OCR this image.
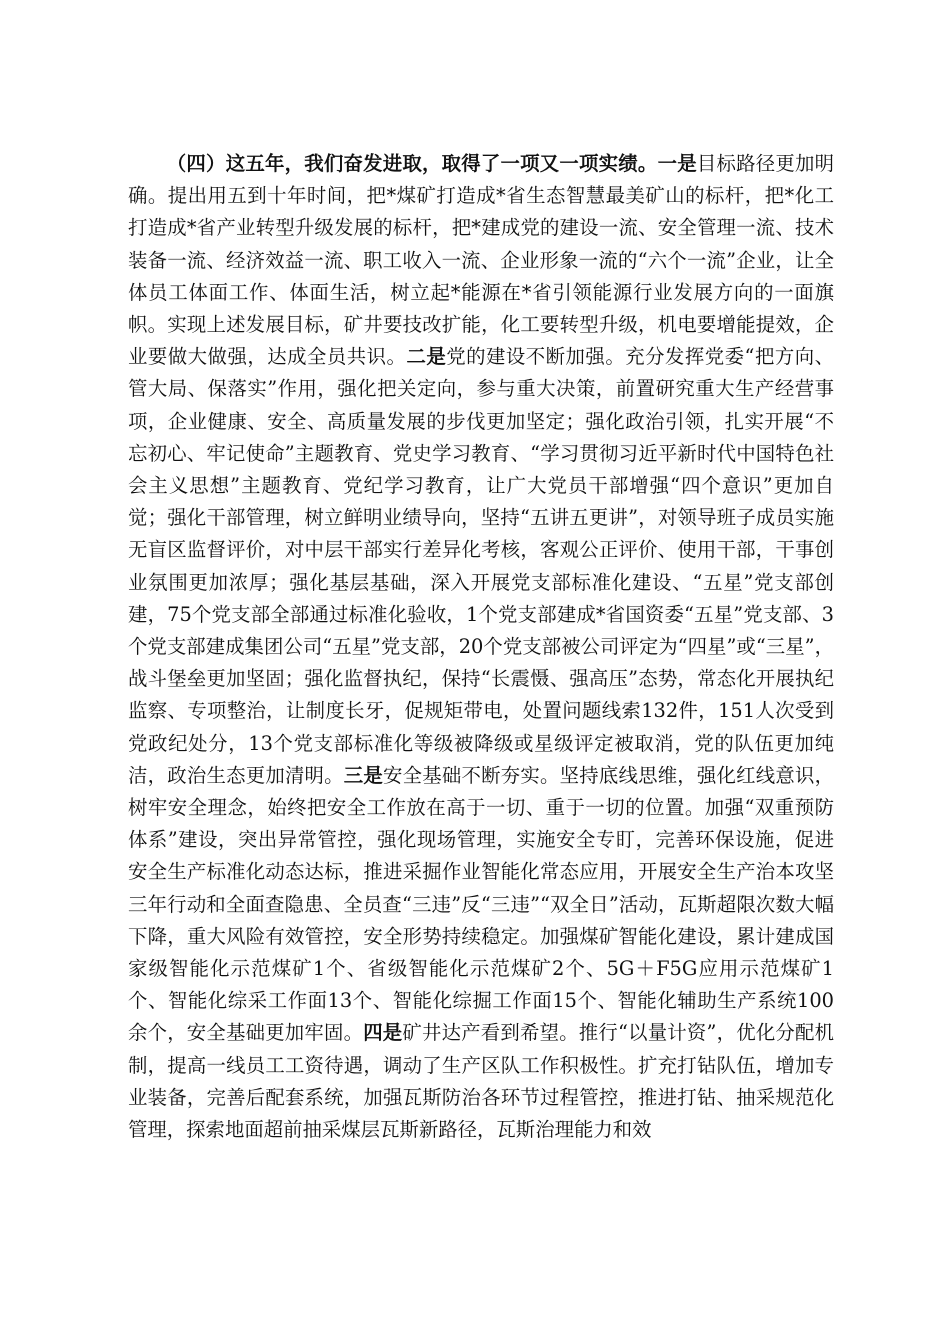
（四）这五年，我们奋发进取，取得了一项又一项实绩。一是目标路径更加明确。提出用五到十年时间，把*煤矿打造成*省生态智慧最美矿山的标杆，把*化工打造成*省产业转型升级发展的标杆，把*建成党的建设一流、安全管理一流、技术装备一流、经济效益一流、职工收入一流、企业形象一流的“六个一流”企业，让全体员工体面工作、体面生活，树立起*能源在*省引领能源行业发展方向的一面旗帜。实现上述发展目标，矿井要技改扩能，化工要转型升级，机电要增能提效，企业要做大做强，达成全员共识。二是党的建设不断加强。充分发挥党委“把方向、管大局、保落实”作用，强化把关定向，参与重大决策，前置研究重大生产经营事项，企业健康、安全、高质量发展的步伐更加坚定；强化政治引领，扎实开展“不忘初心、牢记使命”主题教育、党史学习教育、“学习贯彻习近平新时代中国特色社会主义思想”主题教育、党纪学习教育，让广大党员干部增强“四个意识”更加自觉；强化干部管理，树立鲜明业绩导向，坚持“五讲五更讲”，对领导班子成员实施无盲区监督评价，对中层干部实行差异化考核，客观公正评价、使用干部，干事创业氛围更加浓厚；强化基层基础，深入开展党支部标准化建设、“五星”党支部创建，75个党支部全部通过标准化验收，1个党支部建成*省国资委“五星”党支部、3个党支部建成集团公司“五星”党支部，20个党支部被公司评定为“四星”或“三星”，战斗堡垒更加坚固；强化监督执纪，保持“长震慑、强高压”态势，常态化开展执纪监察、专项整治，让制度长牙，促规矩带电，处置问题线索132件，151人次受到党政纪处分，13个党支部标准化等级被降级或星级评定被取消，党的队伍更加纯洁，政治生态更加清明。三是安全基础不断夯实。坚持底线思维，强化红线意识，树牢安全理念，始终把安全工作放在高于一切、重于一切的位置。加强“双重预防体系”建设，突出异常管控，强化现场管理，实施安全专盯，完善环保设施，促进安全生产标准化动态达标，推进采掘作业智能化常态应用，开展安全生产治本攻坚三年行动和全面查隐患、全员查“三违”反“三违”“双全日”活动，瓦斯超限次数大幅下降，重大风险有效管控，安全形势持续稳定。加强煤矿智能化建设，累计建成国家级智能化示范煤矿1个、省级智能化示范煤矿2个、5G＋F5G应用示范煤矿1个、智能化综采工作面13个、智能化综掘工作面15个、智能化辅助生产系统100余个，安全基础更加牢固。四是矿井达产看到希望。推行“以量计资”，优化分配机制，提高一线员工工资待遇，调动了生产区队工作积极性。扩充打钻队伍，增加专业装备，完善后配套系统，加强瓦斯防治各环节过程管控，推进打钻、抽采规范化管理，探索地面超前抽采煤层瓦斯新路径，瓦斯治理能力和效
